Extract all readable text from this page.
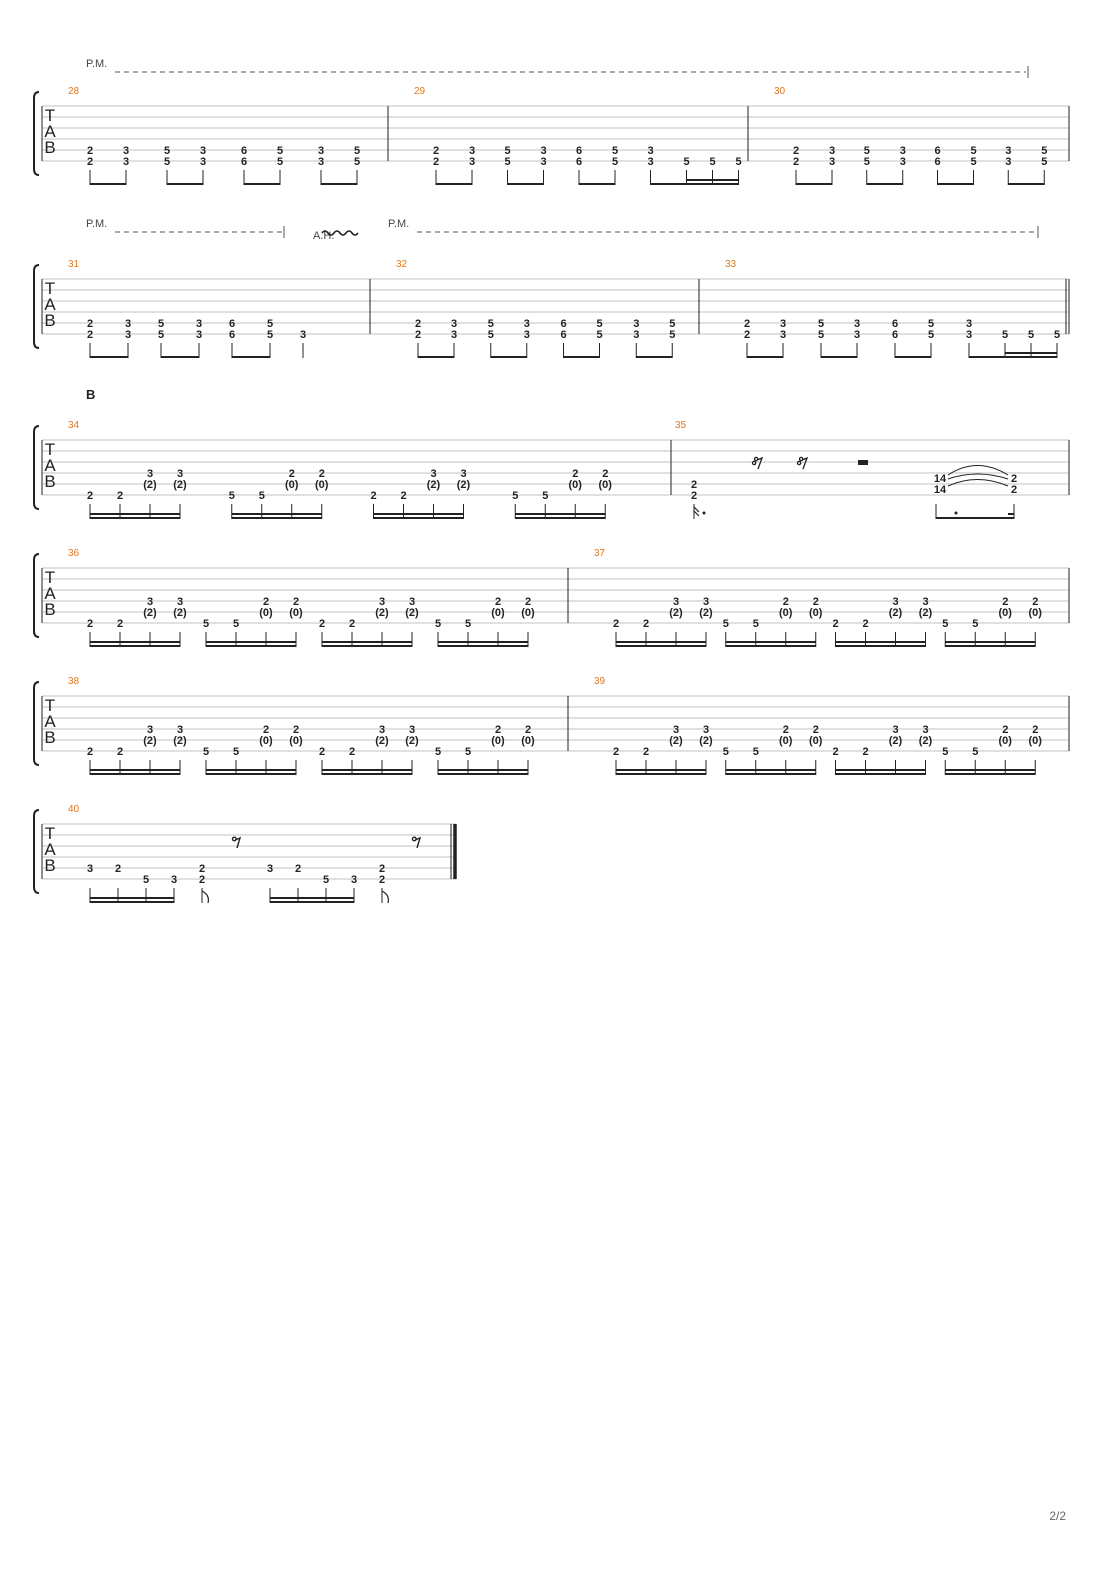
T
A
B
T
A
B
T
A
B
T
A
B
T
A
B
T
A
B
28
2
2
3
3
5
5
3
3
6
6
5
5
3
3
5
5
29
2
2
3
3
5
5
3
3
6
6
5
5
3
3	5 5 5
30
2
2
3
3
5
5
3
3
6
6
5
5
3
3
5
5
31
2
2
3
3
5
5
3
3
6
6
5
5 3
32
2
2
3
3
5
5
3
3
6
6
5
5
3
3
5
5
33
2
2
3
3
5
5
3
3
6
6
5
5
3
3	5 5 5
P.M.
P.M.
A.H.
P.M.
B
34
2 2
3
(2)
3
(2)
5 5
2
(0)
2
(0)
2 2
3
(2)
3
(2)
5 5
2
(0)
2
(0)
35
2
2
14
14
2
2
36
2 2
3
(2)
3
(2)
5 5
2
(0)
2
(0)
2 2
3
(2)
3
(2)
5 5
2
(0)
2
(0)
37
2 2
3
(2)
3
(2)
5 5
2
(0)
2
(0)
2 2
3
(2)
3
(2)
5 5
2
(0)
2
(0)
38
2 2
3
(2)
3
(2)
5 5
2
(0)
2
(0)
2 2
3
(2)
3
(2)
5 5
2
(0)
2
(0)
39
2 2
3
(2)
3
(2)
5 5
2
(0)
2
(0)
2 2
3
(2)
3
(2)
5 5
2
(0)
2
(0)
40
3 2
5 3
2
2
3 2
5 3
2
2
2/2
